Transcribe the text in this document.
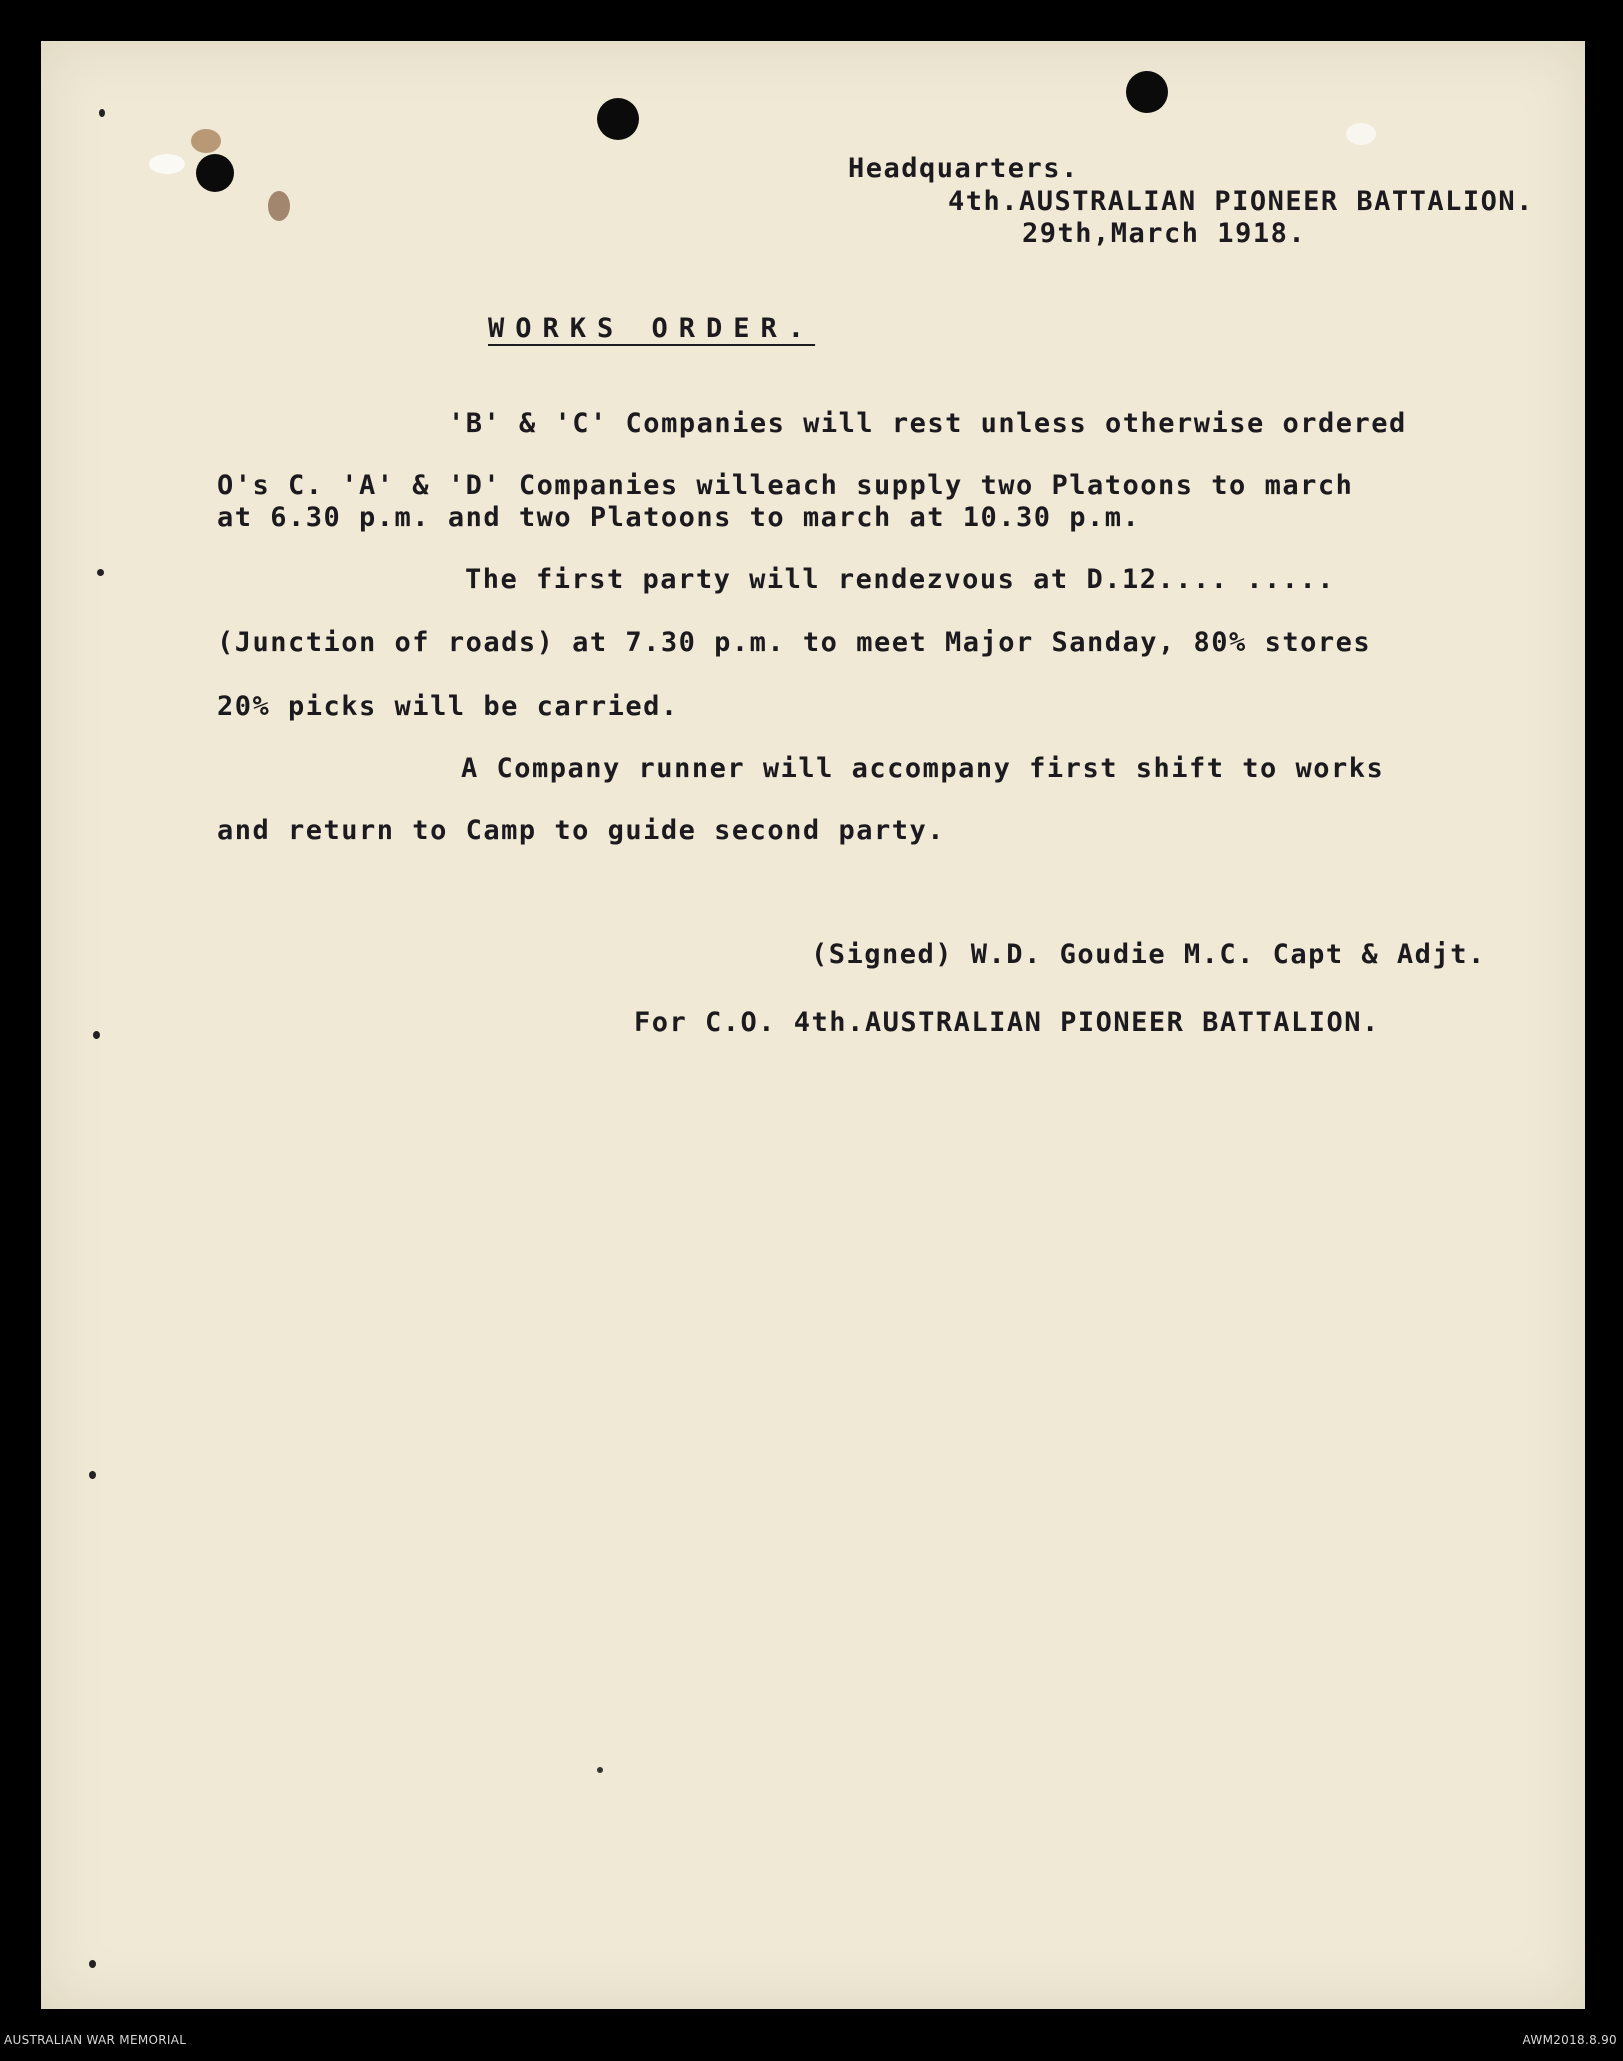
Headquarters.
4th.AUSTRALIAN PIONEER BATTALION.
29th,March 1918.
WORKS ORDER.
'B' & 'C' Companies will rest unless otherwise ordered
O's C. 'A' & 'D' Companies willeach supply two Platoons to march
at 6.30 p.m. and two Platoons to march at 10.30 p.m.
The first party will rendezvous at D.12.... .....
(Junction of roads) at 7.30 p.m. to meet Major Sanday, 80% stores
20% picks will be carried.
A Company runner will accompany first shift to works
and return to Camp to guide second party.
(Signed) W.D. Goudie M.C. Capt & Adjt.
For C.O. 4th.AUSTRALIAN PIONEER BATTALION.
AUSTRALIAN WAR MEMORIAL	AWM2018.8.90
